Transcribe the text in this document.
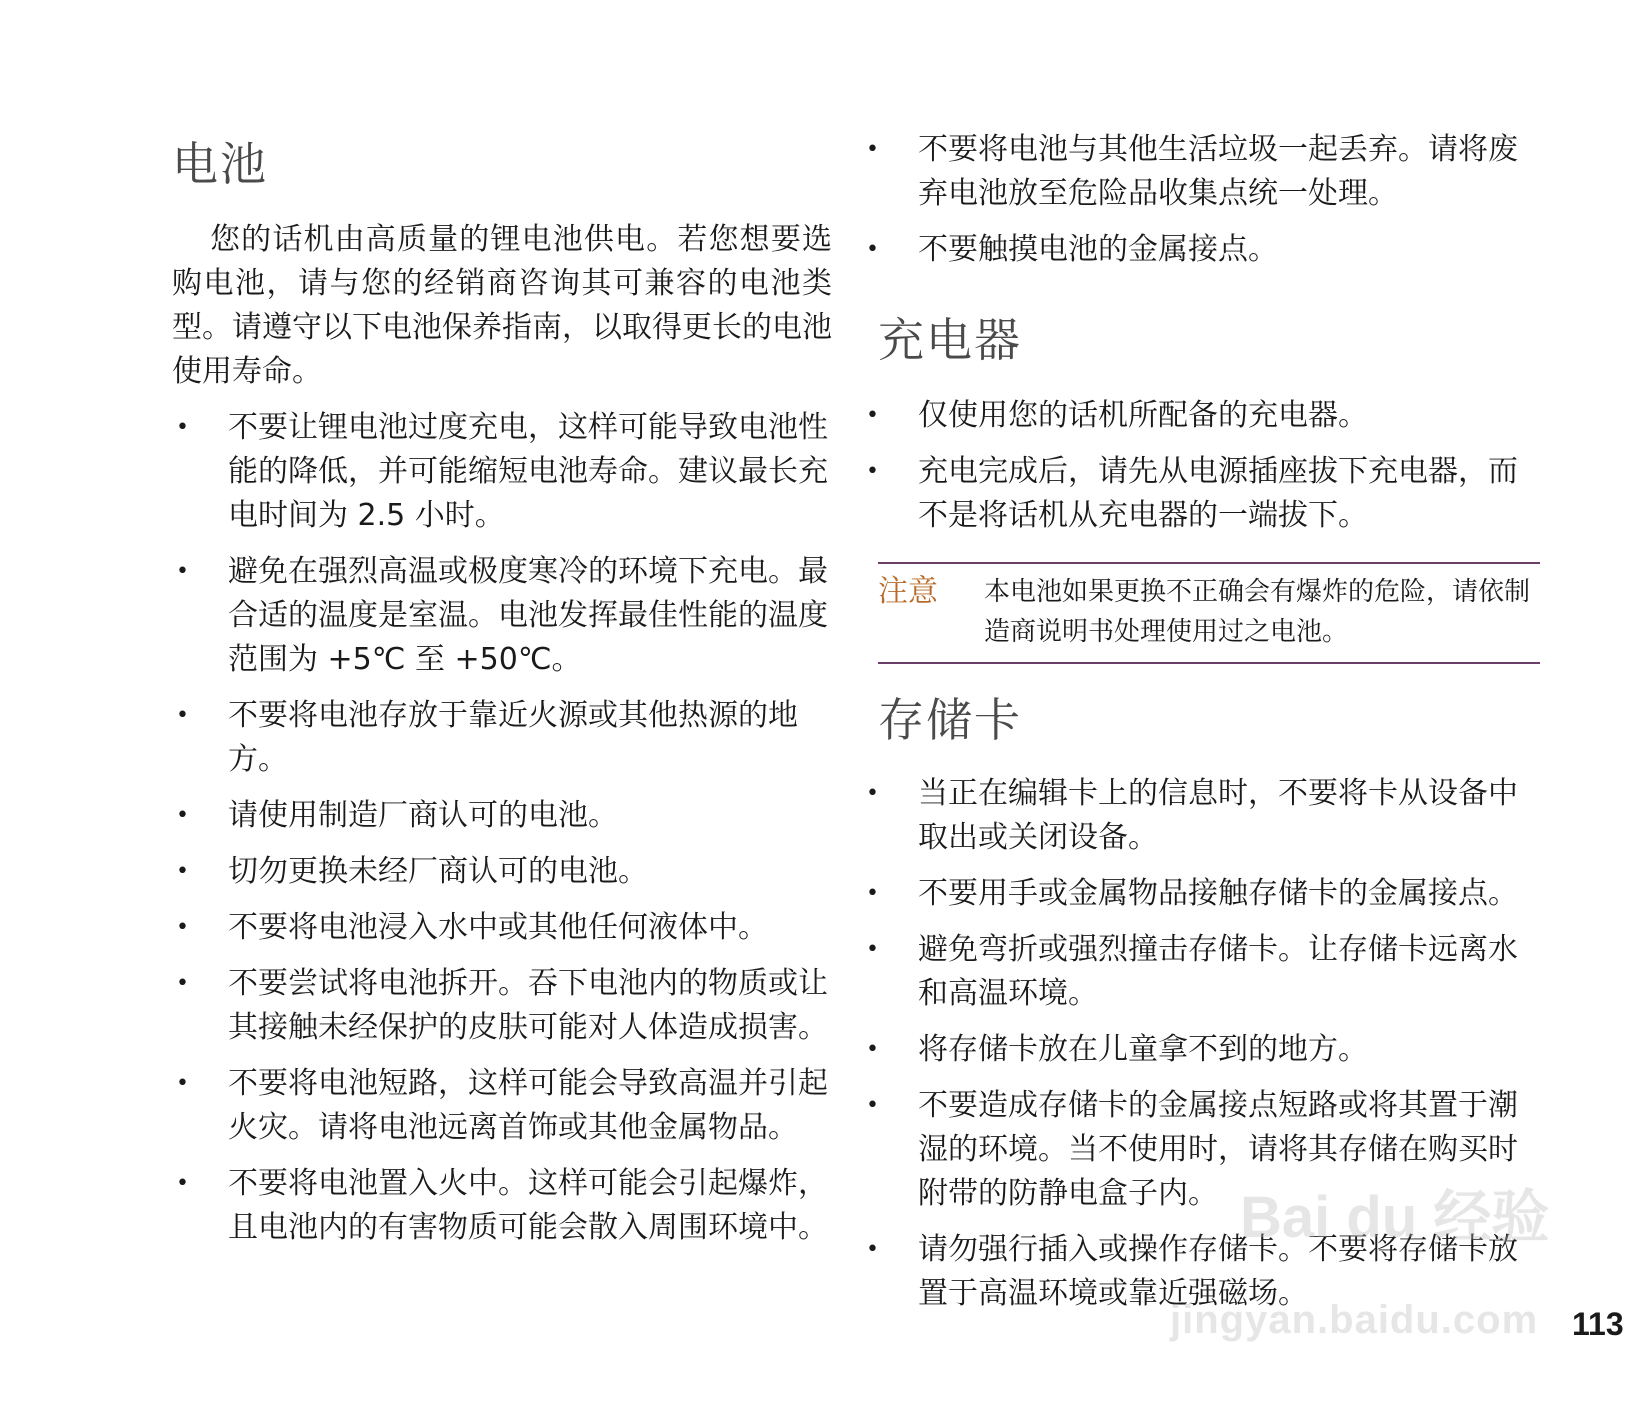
电池

您的话机由高质量的锂电池供电。若您想要选购电池，请与您的经销商咨询其可兼容的电池类型。请遵守以下电池保养指南，以取得更长的电池使用寿命。

• 不要让锂电池过度充电，这样可能导致电池性能的降低，并可能缩短电池寿命。建议最长充电时间为 2.5 小时。
• 避免在强烈高温或极度寒冷的环境下充电。最合适的温度是室温。电池发挥最佳性能的温度范围为 +5℃ 至 +50℃。
• 不要将电池存放于靠近火源或其他热源的地方。
• 请使用制造厂商认可的电池。
• 切勿更换未经厂商认可的电池。
• 不要将电池浸入水中或其他任何液体中。
• 不要尝试将电池拆开。吞下电池内的物质或让其接触未经保护的皮肤可能对人体造成损害。
• 不要将电池短路，这样可能会导致高温并引起火灾。请将电池远离首饰或其他金属物品。
• 不要将电池置入火中。这样可能会引起爆炸，且电池内的有害物质可能会散入周围环境中。
• 不要将电池与其他生活垃圾一起丢弃。请将废弃电池放至危险品收集点统一处理。
• 不要触摸电池的金属接点。
充电器
• 仅使用您的话机所配备的充电器。
• 充电完成后，请先从电源插座拔下充电器，而不是将话机从充电器的一端拔下。
存储卡
• 当正在编辑卡上的信息时，不要将卡从设备中取出或关闭设备。
• 不要用手或金属物品接触存储卡的金属接点。
• 避免弯折或强烈撞击存储卡。让存储卡远离水和高温环境。
• 将存储卡放在儿童拿不到的地方。
• 不要造成存储卡的金属接点短路或将其置于潮湿的环境。当不使用时，请将其存储在购买时附带的防静电盒子内。
• 请勿强行插入或操作存储卡。不要将存储卡放置于高温环境或靠近强磁场。
注意 本电池如果更换不正确会有爆炸的危险，请依制造商说明书处理使用过之电池。
Bai du 经验
jingyan.baidu.com 113
